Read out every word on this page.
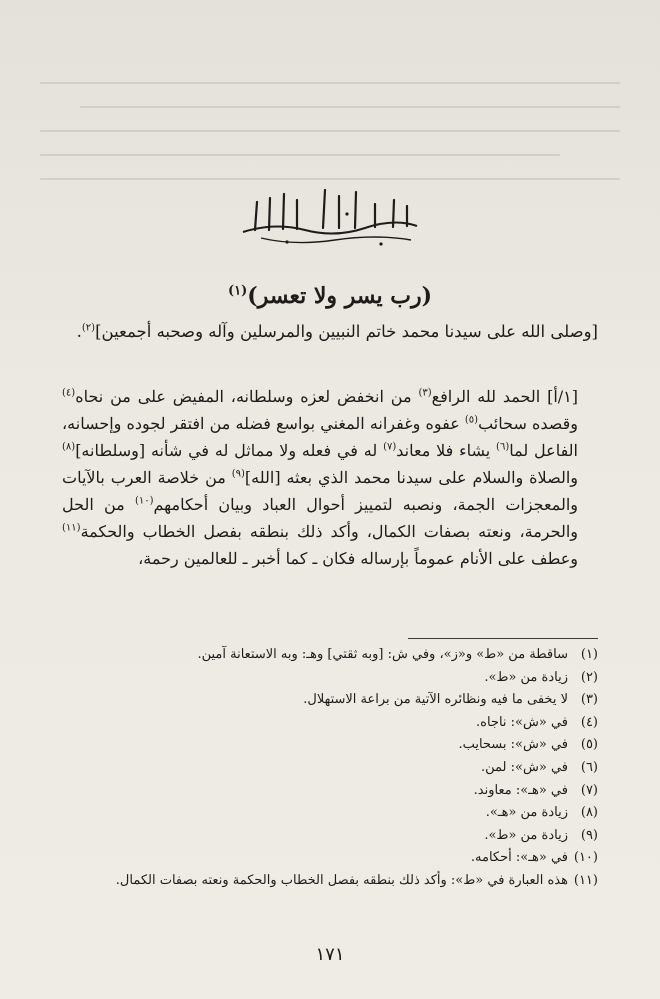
(رب يسر ولا تعسر)$^{(١)}$

[وصلى الله على سيدنا محمد خاتم النبيين والمرسلين وآله وصحبه أجمعين]$^{(٢)}$.

[١/أ] الحمد لله الرافع$^{(٣)}$ من انخفض لعزه وسلطانه، المفيض على من نحاه$^{(٤)}$ وقصده سحائب$^{(٥)}$ عفوه وغفرانه المغني بواسع فضله من افتقر لجوده وإحسانه، الفاعل لما$^{(٦)}$ يشاء فلا معاند$^{(٧)}$ له في فعله ولا مماثل له في شأنه [وسلطانه]$^{(٨)}$ والصلاة والسلام على سيدنا محمد الذي بعثه [الله]$^{(٩)}$ من خلاصة العرب بالآيات والمعجزات الجمة، ونصبه لتمييز أحوال العباد وبيان أحكامهم$^{(١٠)}$ من الحل والحرمة، ونعته بصفات الكمال، وأكد ذلك بنطقه بفصل الخطاب والحكمة$^{(١١)}$ وعطف على الأنام عموماً بإرساله فكان ـ كما أخبر ـ للعالمين رحمة،

(١)ساقطة من «ط» و«ز»، وفي ش: [وبه ثقتي] وهـ: وبه الاستعانة آمين.
(٢)زيادة من «ط».
(٣)لا يخفى ما فيه ونظائره الآتية من براعة الاستهلال.
(٤)في «ش»: ناجاه.
(٥)في «ش»: بسحايب.
(٦)في «ش»: لمن.
(٧)في «هـ»: معاوند.
(٨)زيادة من «هـ».
(٩)زيادة من «ط».
(١٠)في «هـ»: أحكامه.
(١١)هذه العبارة في «ط»: وأكد ذلك بنطقه بفصل الخطاب والحكمة ونعته بصفات الكمال.
١٧١
